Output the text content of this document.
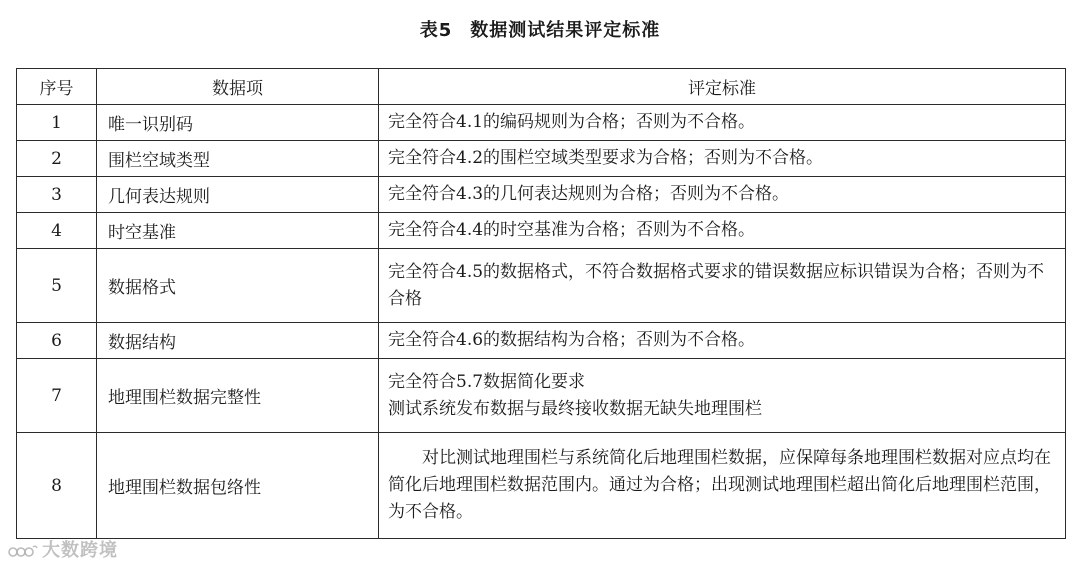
表5 数据测试结果评定标准
序号	数据项	评定标准
1	唯一识别码	完全符合4.1的编码规则为合格；否则为不合格。

2	围栏空域类型	完全符合4.2的围栏空域类型要求为合格；否则为不合格。

3	几何表达规则	完全符合4.3的几何表达规则为合格；否则为不合格。

4	时空基准	完全符合4.4的时空基准为合格；否则为不合格。

5	数据格式	完全符合4.5的数据格式，不符合数据格式要求的错误数据应标识错误为合格；否则为不合格

6	数据结构	完全符合4.6的数据结构为合格；否则为不合格。

7	地理围栏数据完整性	完全符合5.7数据简化要求
测试系统发布数据与最终接收数据无缺失地理围栏

8	地理围栏数据包络性	对比测试地理围栏与系统简化后地理围栏数据，应保障每条地理围栏数据对应点均在简化后地理围栏数据范围内。通过为合格；出现测试地理围栏超出简化后地理围栏范围，为不合格。
大数跨境
